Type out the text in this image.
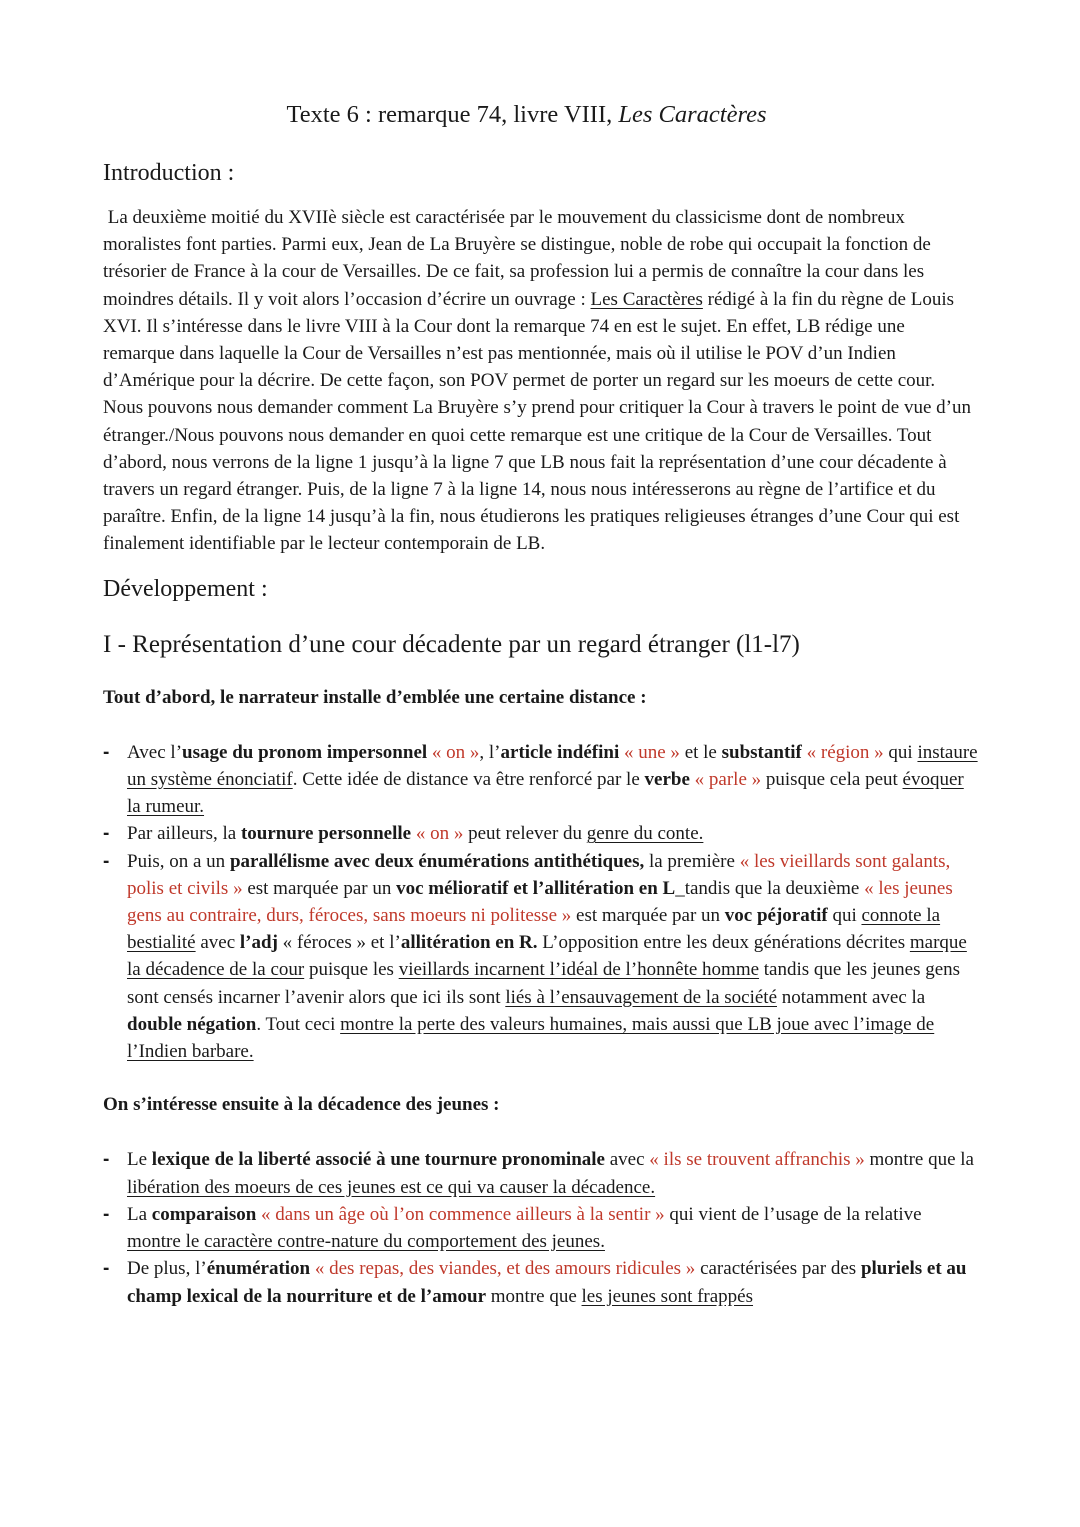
Texte 6 : remarque 74, livre VIII, Les Caractères
Introduction :

La deuxième moitié du XVIIè siècle est caractérisée par le mouvement du classicisme dont de nombreux moralistes font parties. Parmi eux, Jean de La Bruyère se distingue, noble de robe qui occupait la fonction de trésorier de France à la cour de Versailles. De ce fait, sa profession lui a permis de connaître la cour dans les moindres détails. Il y voit alors l’occasion d’écrire un ouvrage : Les Caractères rédigé à la fin du règne de Louis XVI. Il s’intéresse dans le livre VIII à la Cour dont la remarque 74 en est le sujet. En effet, LB rédige une remarque dans laquelle la Cour de Versailles n’est pas mentionnée, mais où il utilise le POV d’un Indien d’Amérique pour la décrire. De cette façon, son POV permet de porter un regard sur les moeurs de cette cour. Nous pouvons nous demander comment La Bruyère s’y prend pour critiquer la Cour à travers le point de vue d’un étranger./Nous pouvons nous demander en quoi cette remarque est une critique de la Cour de Versailles. Tout d’abord, nous verrons de la ligne 1 jusqu’à la ligne 7 que LB nous fait la représentation d’une cour décadente à travers un regard étranger. Puis, de la ligne 7 à la ligne 14, nous nous intéresserons au règne de l’artifice et du paraître. Enfin, de la ligne 14 jusqu’à la fin, nous étudierons les pratiques religieuses étranges d’une Cour qui est finalement identifiable par le lecteur contemporain de LB.

Développement :
I - Représentation d’une cour décadente par un regard étranger (l1-l7)

Tout d’abord, le narrateur installe d’emblée une certaine distance :

- Avec l’usage du pronom impersonnel « on », l’article indéfini « une » et le substantif « région » qui instaure un système énonciatif. Cette idée de distance va être renforcé par le verbe « parle » puisque cela peut évoquer la rumeur.
- Par ailleurs, la tournure personnelle « on » peut relever du genre du conte.
- Puis, on a un parallélisme avec deux énumérations antithétiques, la première « les vieillards sont galants, polis et civils » est marquée par un voc mélioratif et l’allitération en L_tandis que la deuxième « les jeunes gens au contraire, durs, féroces, sans moeurs ni politesse » est marquée par un voc péjoratif qui connote la bestialité avec l’adj « féroces » et l’allitération en R. L’opposition entre les deux générations décrites marque la décadence de la cour puisque les vieillards incarnent l’idéal de l’honnête homme tandis que les jeunes gens sont censés incarner l’avenir alors que ici ils sont liés à l’ensauvagement de la société notamment avec la double négation. Tout ceci montre la perte des valeurs humaines, mais aussi que LB joue avec l’image de l’Indien barbare.

On s’intéresse ensuite à la décadence des jeunes :

- Le lexique de la liberté associé à une tournure pronominale avec « ils se trouvent affranchis » montre que la libération des moeurs de ces jeunes est ce qui va causer la décadence.
- La comparaison « dans un âge où l’on commence ailleurs à la sentir » qui vient de l’usage de la relative montre le caractère contre-nature du comportement des jeunes.
- De plus, l’énumération « des repas, des viandes, et des amours ridicules » caractérisées par des pluriels et au champ lexical de la nourriture et de l’amour montre que les jeunes sont frappés
